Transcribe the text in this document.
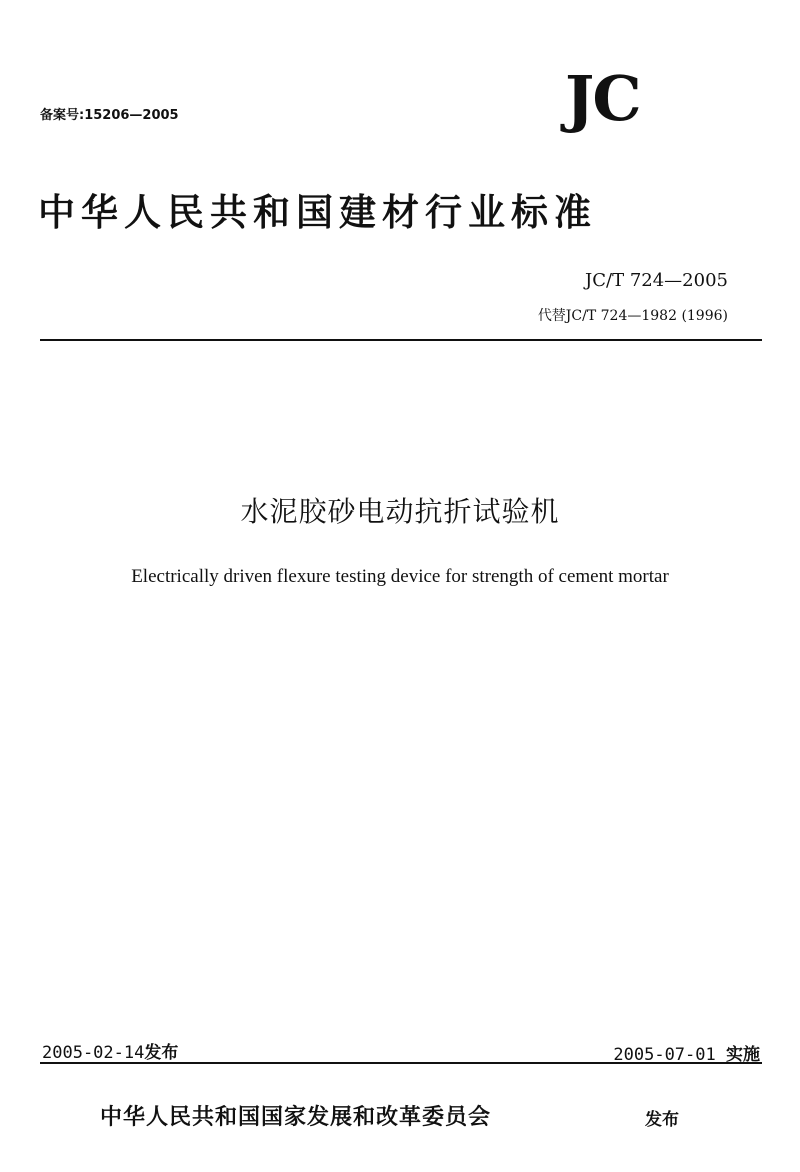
备案号:15206—2005	JC
中华人民共和国建材行业标准
JC/T 724—2005
代替JC/T 724—1982 (1996)
水泥胶砂电动抗折试验机
Electrically driven flexure testing device for strength of cement mortar
2005-02-14发布	2005-07-01 实施
中华人民共和国国家发展和改革委员会	发布
